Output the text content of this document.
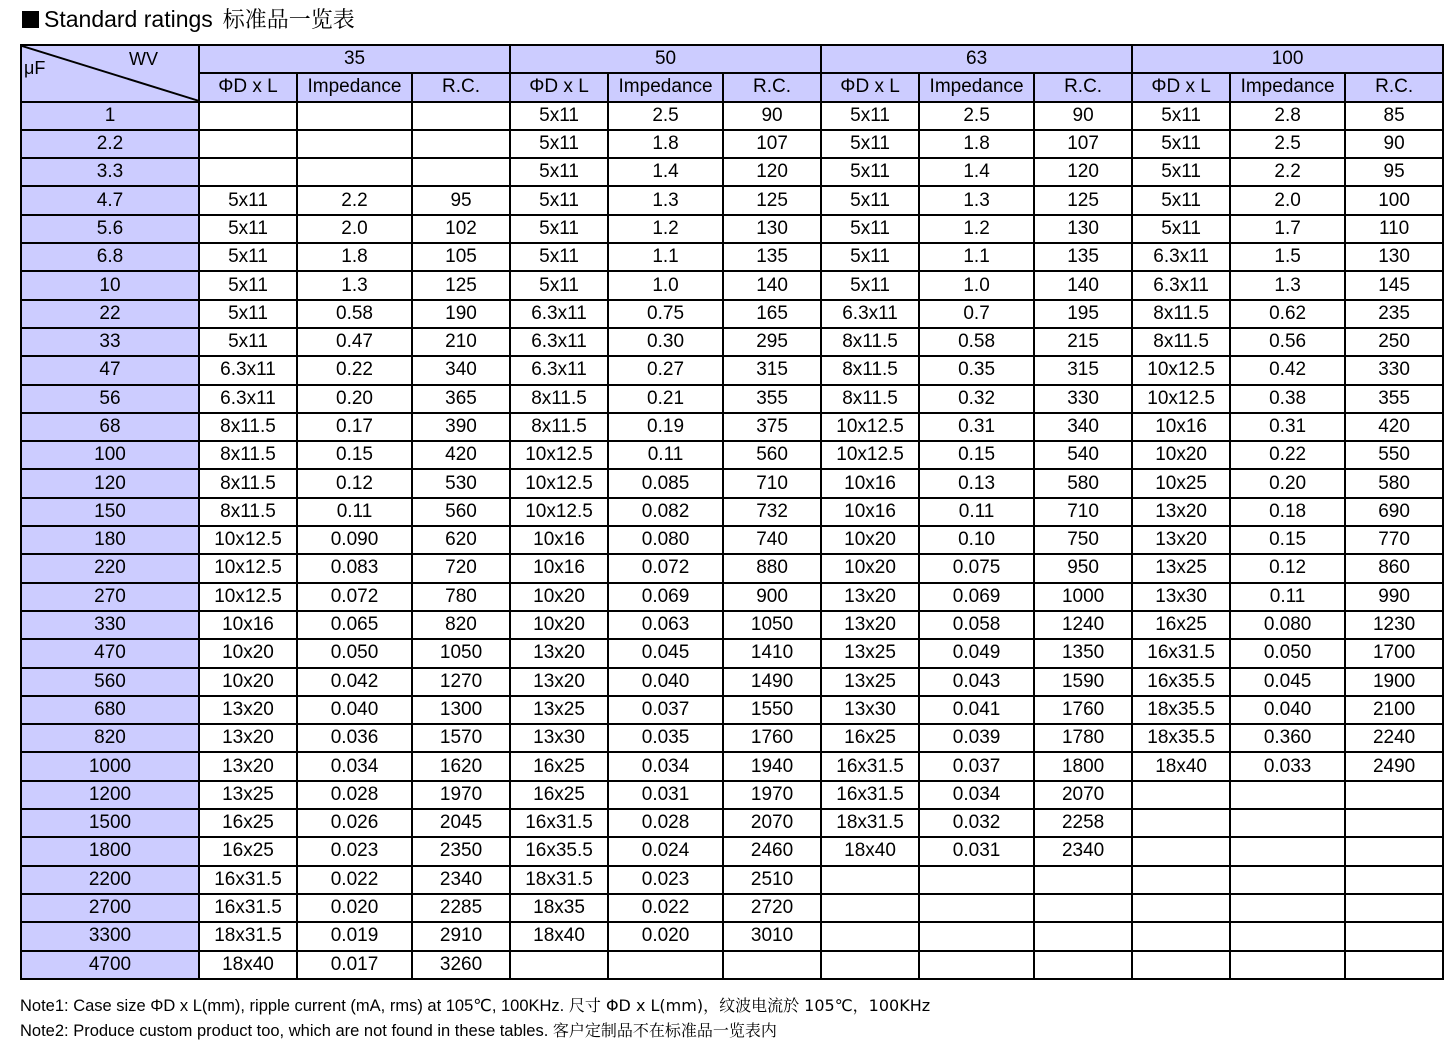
Standard ratings 标准品一览表
WV
μF	35			50			63			100		
	ΦD x L	Impedance	R.C.	ΦD x L	Impedance	R.C.	ΦD x L	Impedance	R.C.	ΦD x L	Impedance	R.C.
1				5x11	2.5	90	5x11	2.5	90	5x11	2.8	85
2.2				5x11	1.8	107	5x11	1.8	107	5x11	2.5	90
3.3				5x11	1.4	120	5x11	1.4	120	5x11	2.2	95
4.7	5x11	2.2	95	5x11	1.3	125	5x11	1.3	125	5x11	2.0	100
5.6	5x11	2.0	102	5x11	1.2	130	5x11	1.2	130	5x11	1.7	110
6.8	5x11	1.8	105	5x11	1.1	135	5x11	1.1	135	6.3x11	1.5	130
10	5x11	1.3	125	5x11	1.0	140	5x11	1.0	140	6.3x11	1.3	145
22	5x11	0.58	190	6.3x11	0.75	165	6.3x11	0.7	195	8x11.5	0.62	235
33	5x11	0.47	210	6.3x11	0.30	295	8x11.5	0.58	215	8x11.5	0.56	250
47	6.3x11	0.22	340	6.3x11	0.27	315	8x11.5	0.35	315	10x12.5	0.42	330
56	6.3x11	0.20	365	8x11.5	0.21	355	8x11.5	0.32	330	10x12.5	0.38	355
68	8x11.5	0.17	390	8x11.5	0.19	375	10x12.5	0.31	340	10x16	0.31	420
100	8x11.5	0.15	420	10x12.5	0.11	560	10x12.5	0.15	540	10x20	0.22	550
120	8x11.5	0.12	530	10x12.5	0.085	710	10x16	0.13	580	10x25	0.20	580
150	8x11.5	0.11	560	10x12.5	0.082	732	10x16	0.11	710	13x20	0.18	690
180	10x12.5	0.090	620	10x16	0.080	740	10x20	0.10	750	13x20	0.15	770
220	10x12.5	0.083	720	10x16	0.072	880	10x20	0.075	950	13x25	0.12	860
270	10x12.5	0.072	780	10x20	0.069	900	13x20	0.069	1000	13x30	0.11	990
330	10x16	0.065	820	10x20	0.063	1050	13x20	0.058	1240	16x25	0.080	1230
470	10x20	0.050	1050	13x20	0.045	1410	13x25	0.049	1350	16x31.5	0.050	1700
560	10x20	0.042	1270	13x20	0.040	1490	13x25	0.043	1590	16x35.5	0.045	1900
680	13x20	0.040	1300	13x25	0.037	1550	13x30	0.041	1760	18x35.5	0.040	2100
820	13x20	0.036	1570	13x30	0.035	1760	16x25	0.039	1780	18x35.5	0.360	2240
1000	13x20	0.034	1620	16x25	0.034	1940	16x31.5	0.037	1800	18x40	0.033	2490
1200	13x25	0.028	1970	16x25	0.031	1970	16x31.5	0.034	2070			
1500	16x25	0.026	2045	16x31.5	0.028	2070	18x31.5	0.032	2258			
1800	16x25	0.023	2350	16x35.5	0.024	2460	18x40	0.031	2340			
2200	16x31.5	0.022	2340	18x31.5	0.023	2510						
2700	16x31.5	0.020	2285	18x35	0.022	2720						
3300	18x31.5	0.019	2910	18x40	0.020	3010						
4700	18x40	0.017	3260									
Note1: Case size ΦD x L(mm), ripple current (mA, rms) at 105℃, 100KHz. 尺寸 ΦD x L(mm)，纹波电流於 105℃，100KHz
Note2: Produce custom product too, which are not found in these tables. 客户定制品不在标准品一览表内
